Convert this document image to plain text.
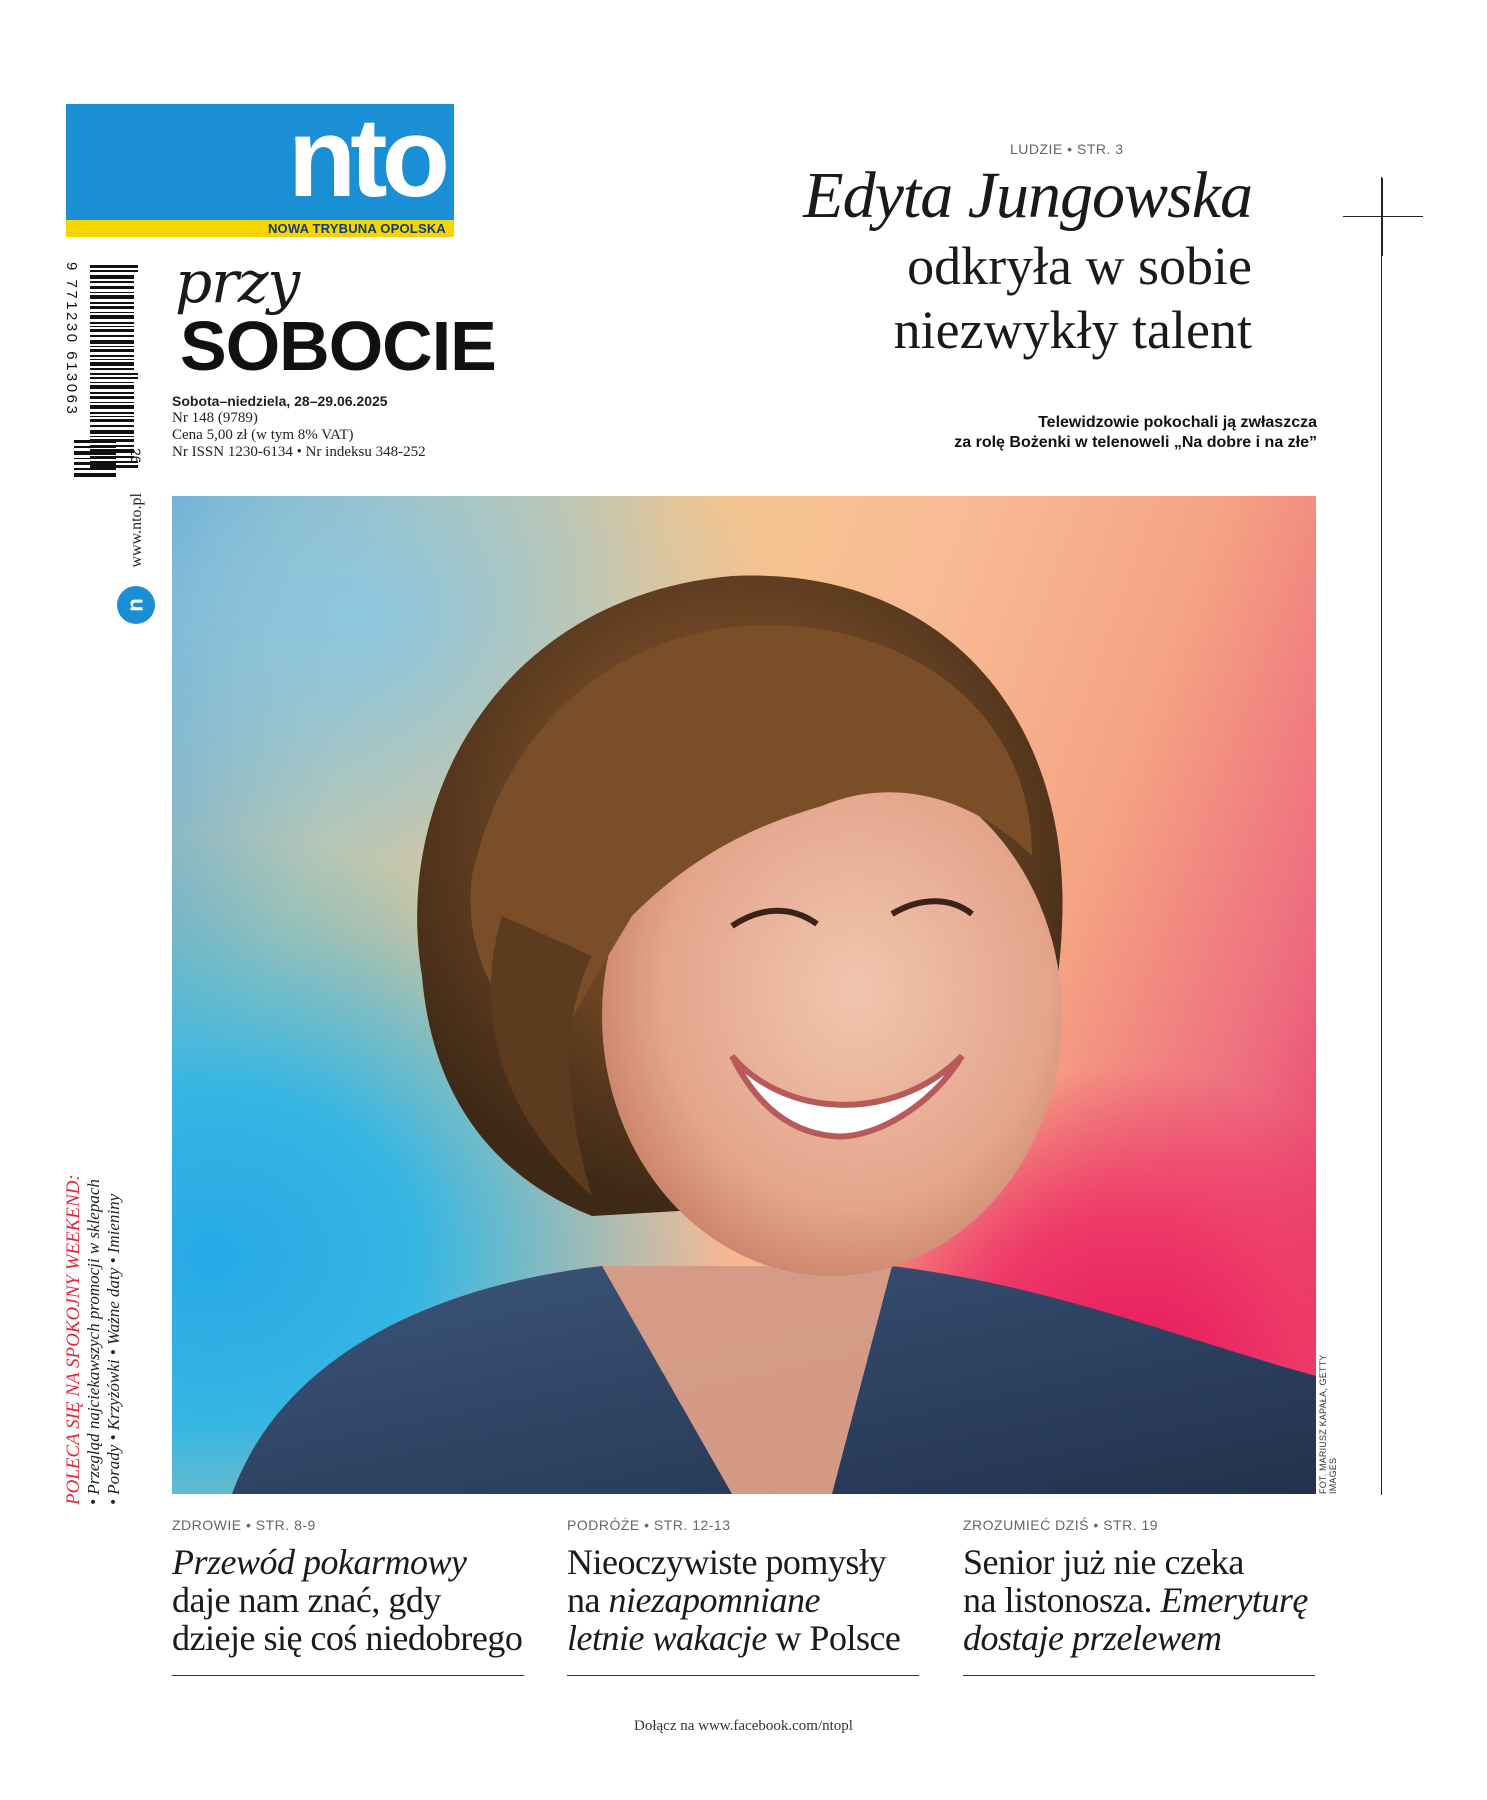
nto
NOWA TRYBUNA OPOLSKA
przy
SOBOCIE
Sobota–niedziela, 28–29.06.2025
Nr 148 (9789)
Cena 5,00 zł (w tym 8% VAT)
Nr ISSN 1230-6134 • Nr indeksu 348-252
9 771230 613063
26
www.nto.pl
n
POLECA SIĘ NA SPOKOJNY WEEKEND: • Przegląd najciekawszych promocji w sklepach • Porady • Krzyżówki • Ważne daty • Imieniny
LUDZIE • STR. 3
Edyta Jungowska
odkryła w sobie
niezwykły talent
Telewidzowie pokochali ją zwłaszcza
za rolę Bożenki w telenoweli „Na dobre i na złe”
FOT. MARIUSZ KAPAŁA, GETTY IMAGES
ZDROWIE • STR. 8-9
Przewód pokarmowy
daje nam znać, gdy
dzieje się coś niedobrego
PODRÓŻE • STR. 12-13
Nieoczywiste pomysły
na niezapomniane
letnie wakacje w Polsce
ZROZUMIEĆ DZIŚ • STR. 19
Senior już nie czeka
na listonosza. Emeryturę
dostaje przelewem
Dołącz na www.facebook.com/ntopl
